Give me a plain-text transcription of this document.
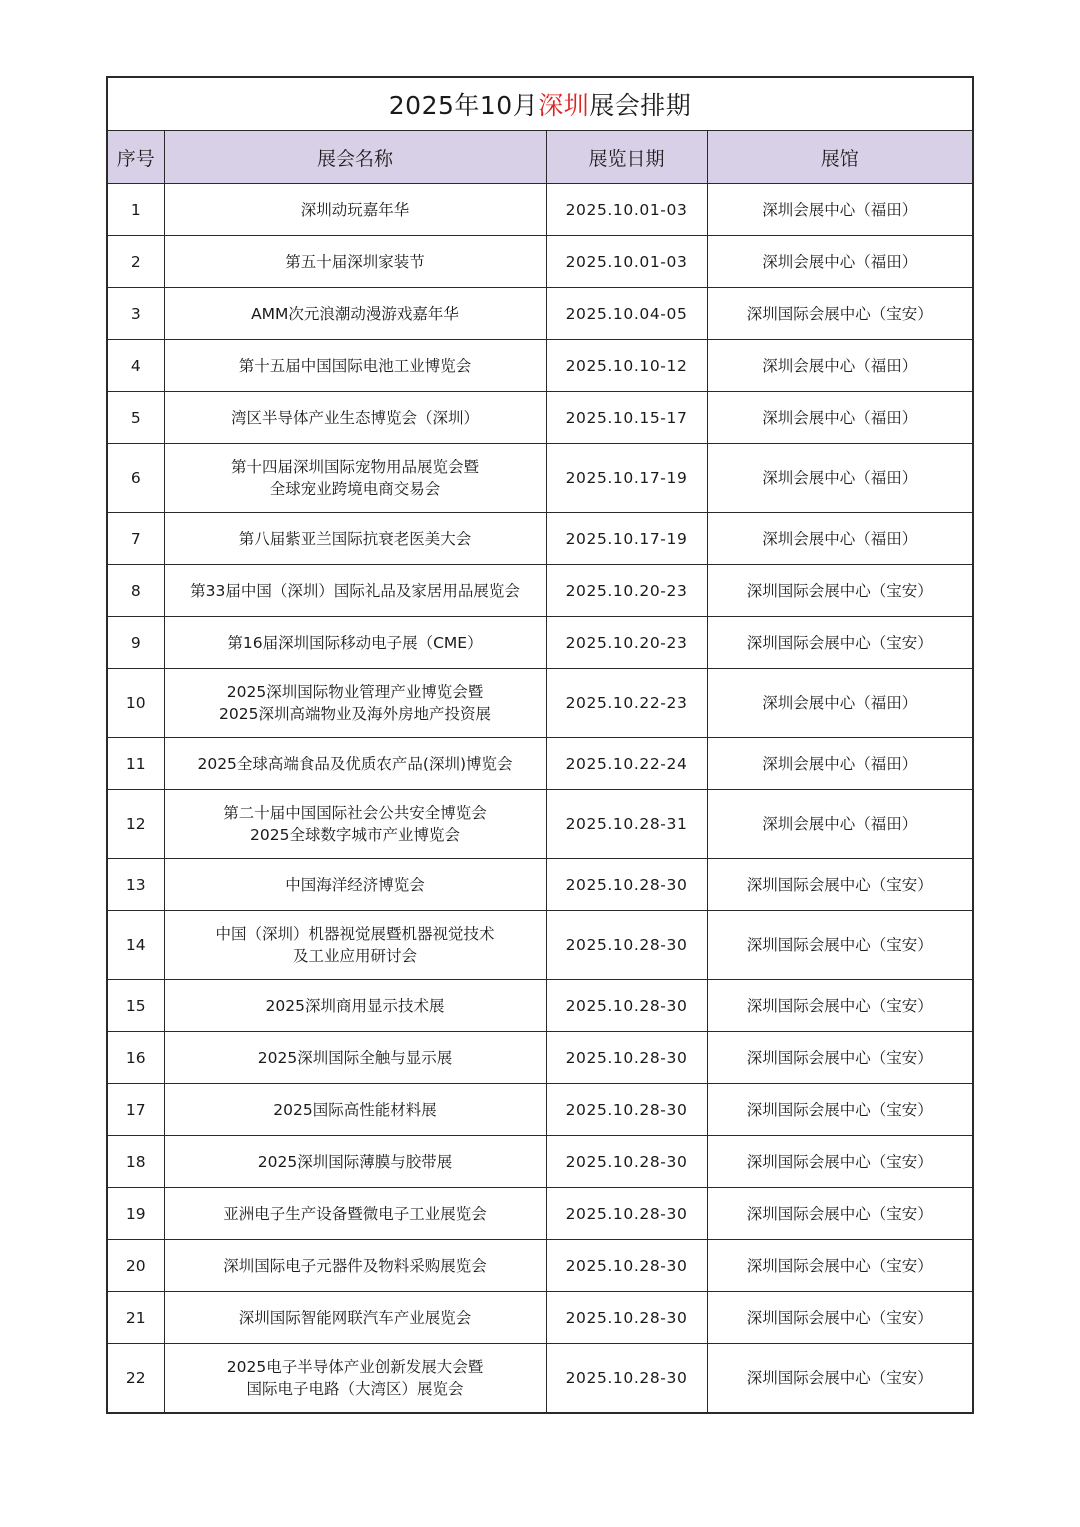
2025年10月深圳展会排期			
序号	展会名称	展览日期	展馆
1	深圳动玩嘉年华	2025.10.01-03	深圳会展中心（福田）
2	第五十届深圳家装节	2025.10.01-03	深圳会展中心（福田）
3	AMM次元浪潮动漫游戏嘉年华	2025.10.04-05	深圳国际会展中心（宝安）
4	第十五届中国国际电池工业博览会	2025.10.10-12	深圳会展中心（福田）
5	湾区半导体产业生态博览会（深圳）	2025.10.15-17	深圳会展中心（福田）
6	第十四届深圳国际宠物用品展览会暨
全球宠业跨境电商交易会	2025.10.17-19	深圳会展中心（福田）
7	第八届紫亚兰国际抗衰老医美大会	2025.10.17-19	深圳会展中心（福田）
8	第33届中国（深圳）国际礼品及家居用品展览会	2025.10.20-23	深圳国际会展中心（宝安）
9	第16届深圳国际移动电子展（CME）	2025.10.20-23	深圳国际会展中心（宝安）
10	2025深圳国际物业管理产业博览会暨
2025深圳高端物业及海外房地产投资展	2025.10.22-23	深圳会展中心（福田）
11	2025全球高端食品及优质农产品(深圳)博览会	2025.10.22-24	深圳会展中心（福田）
12	第二十届中国国际社会公共安全博览会
2025全球数字城市产业博览会	2025.10.28-31	深圳会展中心（福田）
13	中国海洋经济博览会	2025.10.28-30	深圳国际会展中心（宝安）
14	中国（深圳）机器视觉展暨机器视觉技术
及工业应用研讨会	2025.10.28-30	深圳国际会展中心（宝安）
15	2025深圳商用显示技术展	2025.10.28-30	深圳国际会展中心（宝安）
16	2025深圳国际全触与显示展	2025.10.28-30	深圳国际会展中心（宝安）
17	2025国际高性能材料展	2025.10.28-30	深圳国际会展中心（宝安）
18	2025深圳国际薄膜与胶带展	2025.10.28-30	深圳国际会展中心（宝安）
19	亚洲电子生产设备暨微电子工业展览会	2025.10.28-30	深圳国际会展中心（宝安）
20	深圳国际电子元器件及物料采购展览会	2025.10.28-30	深圳国际会展中心（宝安）
21	深圳国际智能网联汽车产业展览会	2025.10.28-30	深圳国际会展中心（宝安）
22	2025电子半导体产业创新发展大会暨
国际电子电路（大湾区）展览会	2025.10.28-30	深圳国际会展中心（宝安）
